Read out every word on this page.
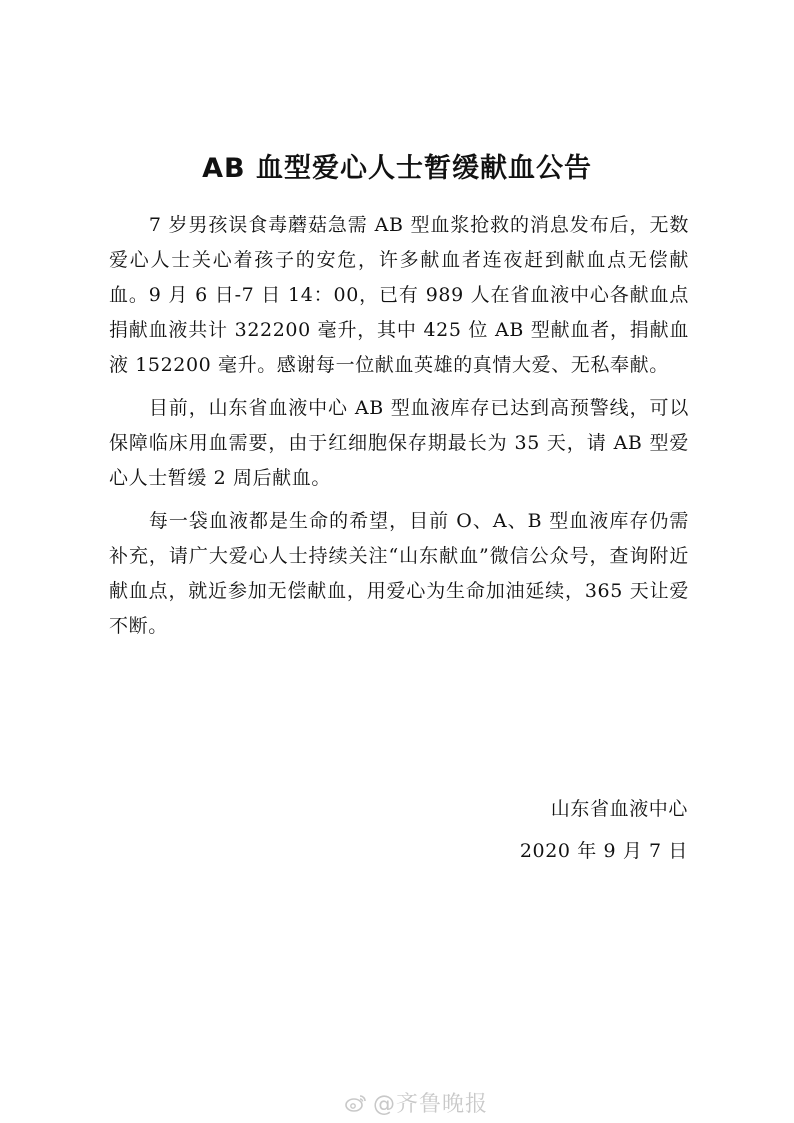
AB 血型爱心人士暂缓献血公告

7 岁男孩误食毒蘑菇急需 AB 型血浆抢救的消息发布后，无数爱心人士关心着孩子的安危，许多献血者连夜赶到献血点无偿献血。9 月 6 日-7 日 14：00，已有 989 人在省血液中心各献血点捐献血液共计 322200 毫升，其中 425 位 AB 型献血者，捐献血液 152200 毫升。感谢每一位献血英雄的真情大爱、无私奉献。

目前，山东省血液中心 AB 型血液库存已达到高预警线，可以保障临床用血需要，由于红细胞保存期最长为 35 天，请 AB 型爱心人士暂缓 2 周后献血。

每一袋血液都是生命的希望，目前 O、A、B 型血液库存仍需补充，请广大爱心人士持续关注“山东献血”微信公众号，查询附近献血点，就近参加无偿献血，用爱心为生命加油延续，365 天让爱不断。

山东省血液中心
2020 年 9 月 7 日
@齐鲁晚报
